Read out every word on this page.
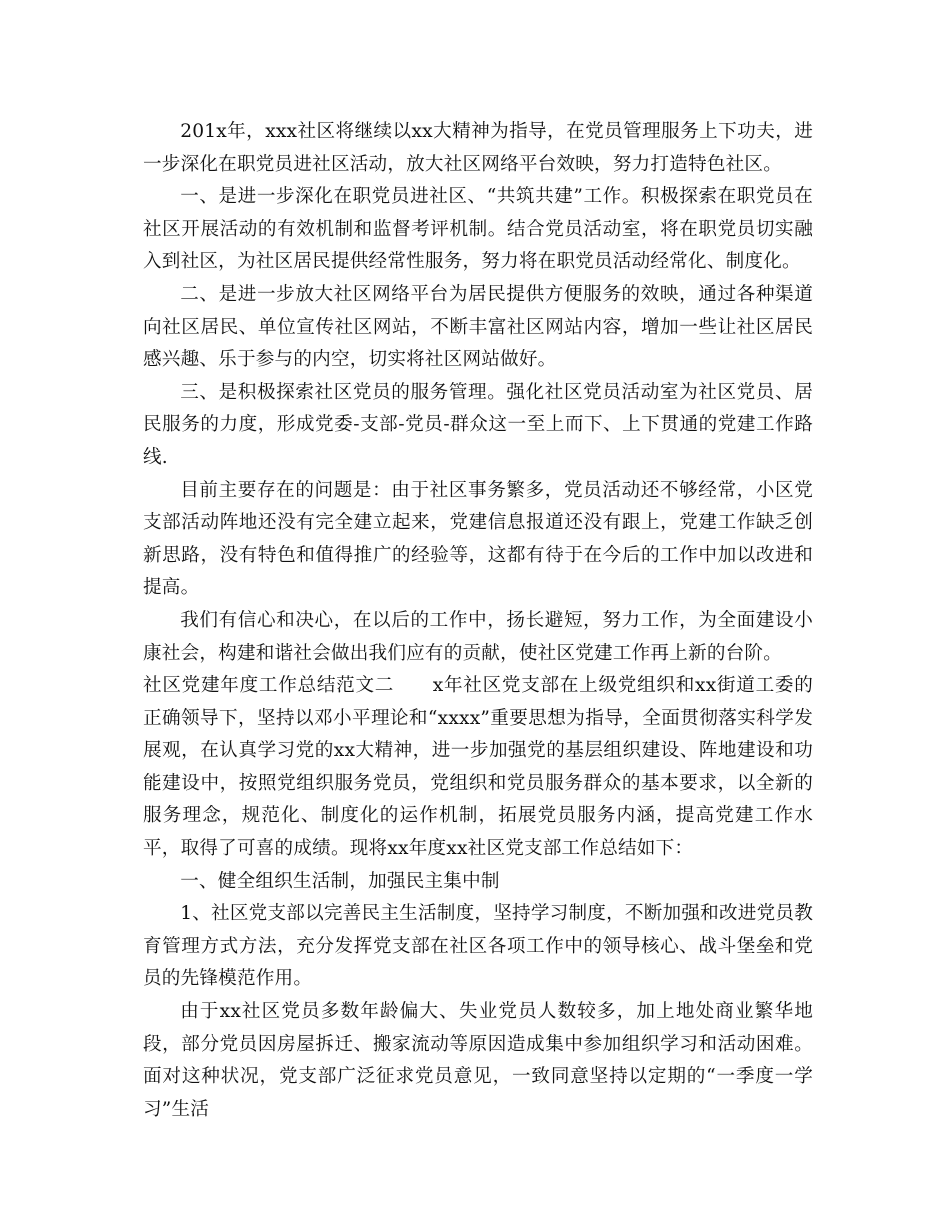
201x年，xxx社区将继续以xx大精神为指导，在党员管理服务上下功夫，进一步深化在职党员进社区活动，放大社区网络平台效映，努力打造特色社区。

一、是进一步深化在职党员进社区、“共筑共建”工作。积极探索在职党员在社区开展活动的有效机制和监督考评机制。结合党员活动室，将在职党员切实融入到社区，为社区居民提供经常性服务，努力将在职党员活动经常化、制度化。

二、是进一步放大社区网络平台为居民提供方便服务的效映，通过各种渠道向社区居民、单位宣传社区网站，不断丰富社区网站内容，增加一些让社区居民感兴趣、乐于参与的内空，切实将社区网站做好。

三、是积极探索社区党员的服务管理。强化社区党员活动室为社区党员、居民服务的力度，形成党委-支部-党员-群众这一至上而下、上下贯通的党建工作路线.

目前主要存在的问题是：由于社区事务繁多，党员活动还不够经常，小区党支部活动阵地还没有完全建立起来，党建信息报道还没有跟上，党建工作缺乏创新思路，没有特色和值得推广的经验等，这都有待于在今后的工作中加以改进和提高。

我们有信心和决心，在以后的工作中，扬长避短，努力工作，为全面建设小康社会，构建和谐社会做出我们应有的贡献，使社区党建工作再上新的台阶。

社区党建年度工作总结范文二　　x年社区党支部在上级党组织和xx街道工委的正确领导下，坚持以邓小平理论和“xxxx”重要思想为指导，全面贯彻落实科学发展观，在认真学习党的xx大精神，进一步加强党的基层组织建设、阵地建设和功能建设中，按照党组织服务党员，党组织和党员服务群众的基本要求，以全新的服务理念，规范化、制度化的运作机制，拓展党员服务内涵，提高党建工作水平，取得了可喜的成绩。现将xx年度xx社区党支部工作总结如下：

一、健全组织生活制，加强民主集中制

1、社区党支部以完善民主生活制度，坚持学习制度，不断加强和改进党员教育管理方式方法，充分发挥党支部在社区各项工作中的领导核心、战斗堡垒和党员的先锋模范作用。

由于xx社区党员多数年龄偏大、失业党员人数较多，加上地处商业繁华地段，部分党员因房屋拆迁、搬家流动等原因造成集中参加组织学习和活动困难。面对这种状况，党支部广泛征求党员意见，一致同意坚持以定期的“一季度一学习”生活
